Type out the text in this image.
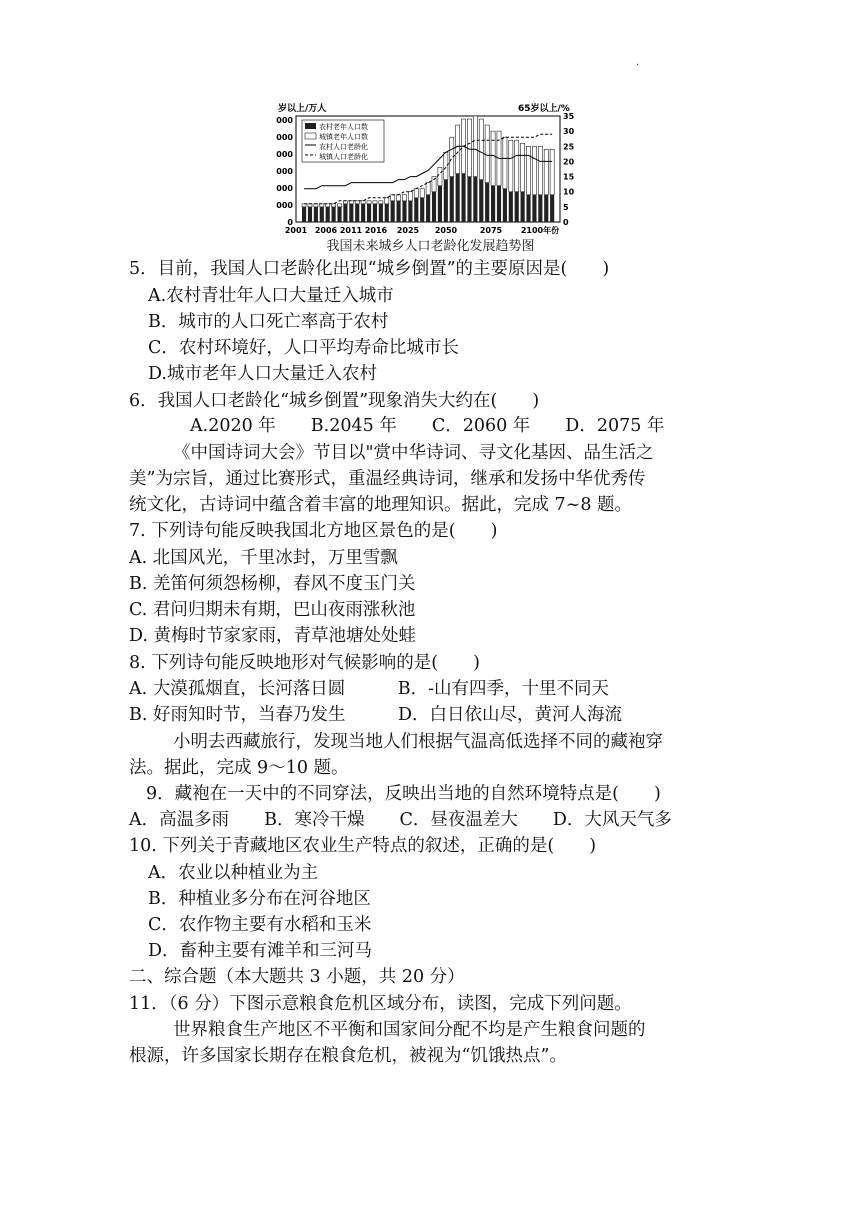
·
岁以上/万人	65岁以上/%
农村老年人口数
城镇老年人口数
农村人口老龄化
城镇人口老龄化
000
000
000
000
000
000
0
35
30
25
20
15
10
5
0
2001 2006 2011 2016 2025 2050	2075 2100年份
我国未来城乡人口老龄化发展趋势图
5．目前，我国人口老龄化出现“城乡倒置”的主要原因是(　　)
A.农村青壮年人口大量迁入城市
B．城市的人口死亡率高于农村
C．农村环境好，人口平均寿命比城市长
D.城市老年人口大量迁入农村
6．我国人口老龄化“城乡倒置”现象消失大约在(　　)
A.2020 年　　B.2045 年　　C．2060 年　　D．2075 年
《中国诗词大会》节目以"赏中华诗词、寻文化基因、品生活之
美”为宗旨，通过比赛形式，重温经典诗词，继承和发扬中华优秀传
统文化，古诗词中蕴含着丰富的地理知识。据此，完成 7~8 题。
7. 下列诗句能反映我国北方地区景色的是(　　)
A. 北国风光，千里冰封，万里雪飘
B. 羌笛何须怨杨柳，春风不度玉门关
C. 君问归期未有期，巴山夜雨涨秋池
D. 黄梅时节家家雨，青草池塘处处蛙
8. 下列诗句能反映地形对气候影响的是(　　)
A. 大漠孤烟直，长河落日圆　　　B．-山有四季，十里不同天
B. 好雨知时节，当春乃发生　　　D．白日依山尽，黄河人海流
小明去西藏旅行，发现当地人们根据气温高低选择不同的藏袍穿
法。据此，完成 9～10 题。
9．藏袍在一天中的不同穿法，反映出当地的自然环境特点是(　　)
A．高温多雨　　B．寒冷干燥　　C．昼夜温差大　　D．大风天气多
10. 下列关于青藏地区农业生产特点的叙述，正确的是(　　)
A．农业以种植业为主
B．种植业多分布在河谷地区
C．农作物主要有水稻和玉米
D．畜种主要有滩羊和三河马
二、综合题（本大题共 3 小题，共 20 分）
11．（6 分）下图示意粮食危机区域分布，读图，完成下列问题。
世界粮食生产地区不平衡和国家间分配不均是产生粮食问题的
根源，许多国家长期存在粮食危机，被视为“饥饿热点”。
